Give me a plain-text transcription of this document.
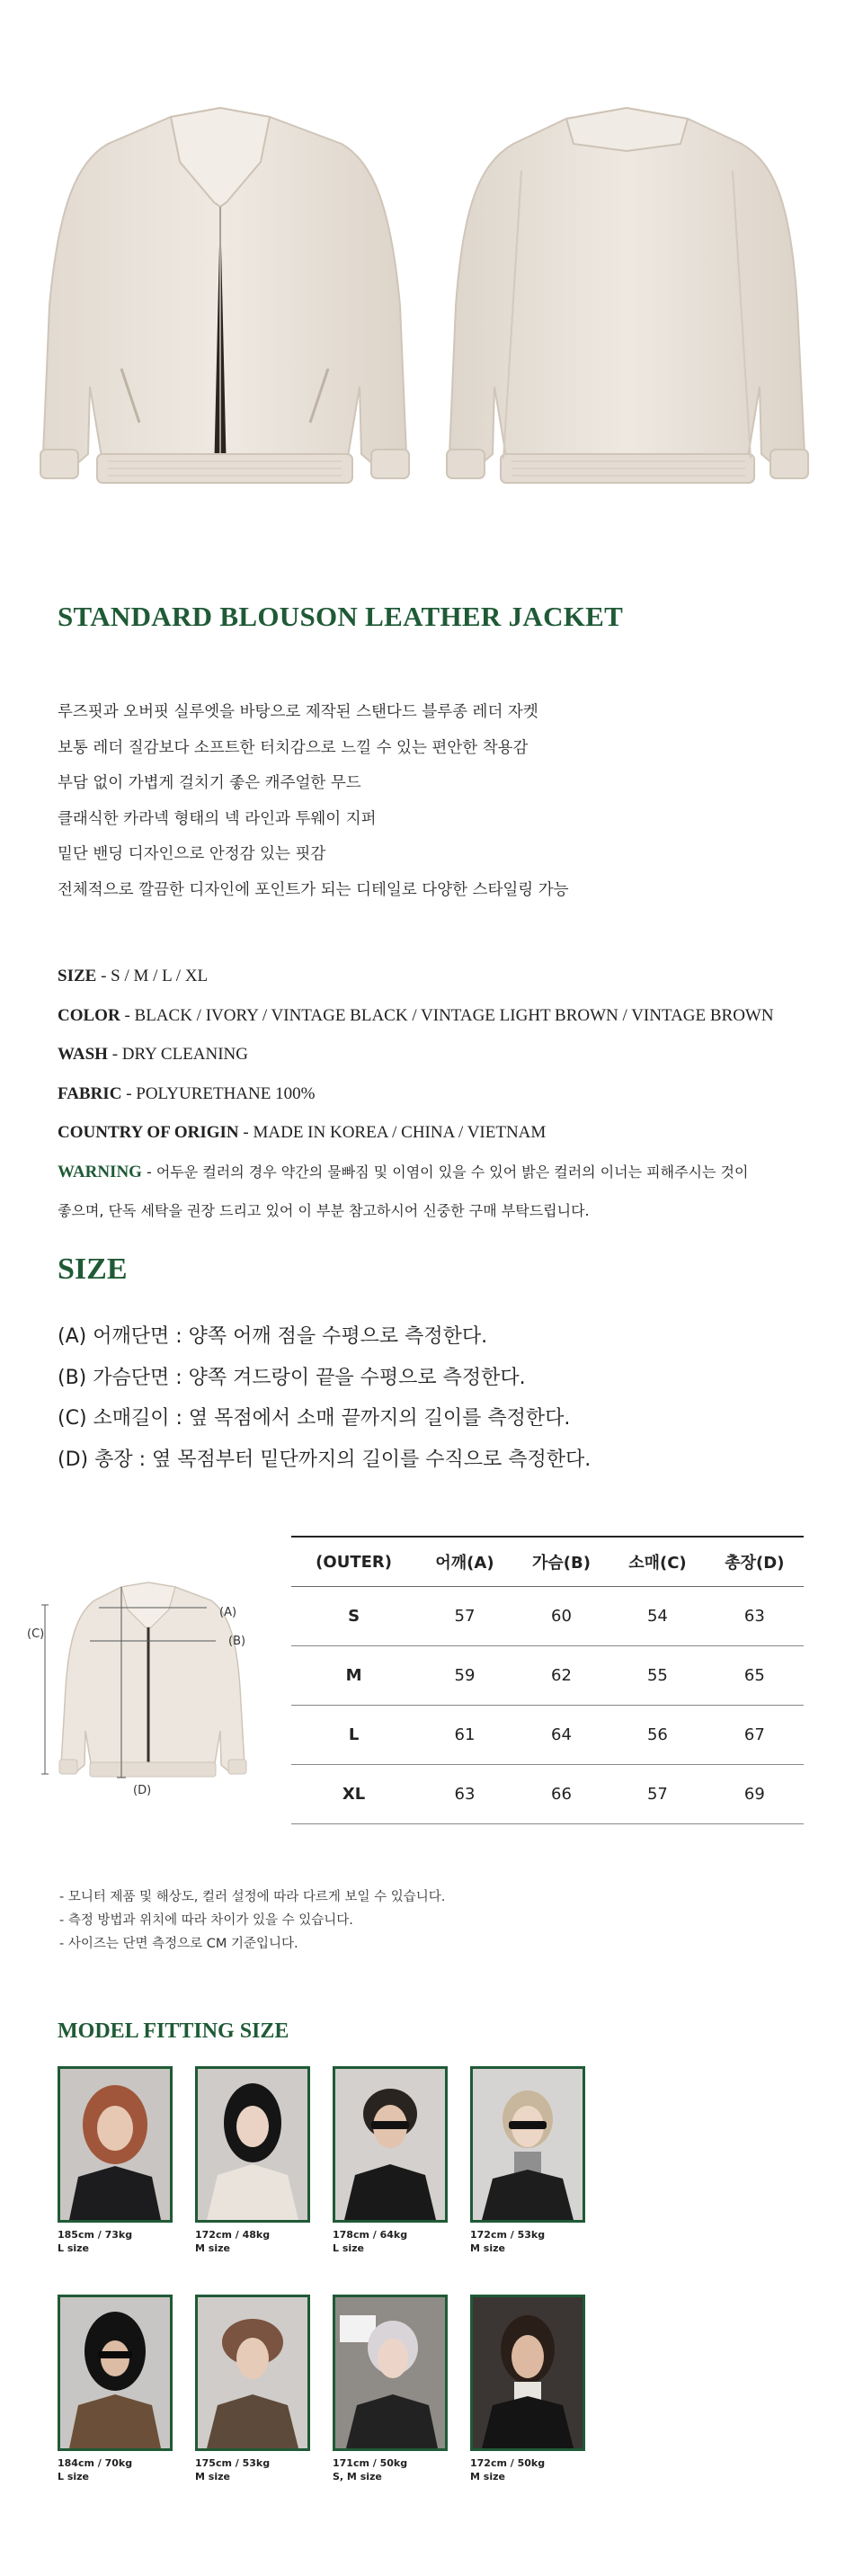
STANDARD BLOUSON LEATHER JACKET
루즈핏과 오버핏 실루엣을 바탕으로 제작된 스탠다드 블루종 레더 자켓
보통 레더 질감보다 소프트한 터치감으로 느낄 수 있는 편안한 착용감
부담 없이 가볍게 걸치기 좋은 캐주얼한 무드
클래식한 카라넥 형태의 넥 라인과 투웨이 지퍼
밑단 밴딩 디자인으로 안정감 있는 핏감
전체적으로 깔끔한 디자인에 포인트가 되는 디테일로 다양한 스타일링 가능
SIZE - S / M / L / XL
COLOR - BLACK / IVORY / VINTAGE BLACK / VINTAGE LIGHT BROWN / VINTAGE BROWN
WASH - DRY CLEANING
FABRIC - POLYURETHANE 100%
COUNTRY OF ORIGIN - MADE IN KOREA / CHINA / VIETNAM
WARNING - 어두운 컬러의 경우 약간의 물빠짐 및 이염이 있을 수 있어 밝은 컬러의 이너는 피해주시는 것이
좋으며, 단독 세탁을 권장 드리고 있어 이 부분 참고하시어 신중한 구매 부탁드립니다.
SIZE
(A) 어깨단면 : 양쪽 어깨 점을 수평으로 측정한다.
(B) 가슴단면 : 양쪽 겨드랑이 끝을 수평으로 측정한다.
(C) 소매길이 : 옆 목점에서 소매 끝까지의 길이를 측정한다.
(D) 총장 : 옆 목점부터 밑단까지의 길이를 수직으로 측정한다.
(A)
(B)
(C)
(D)
(OUTER)	어깨(A)	가슴(B)	소매(C)	총장(D)
S	57	60	54	63
M	59	62	55	65
L	61	64	56	67
XL	63	66	57	69
- 모니터 제품 및 해상도, 컬러 설정에 따라 다르게 보일 수 있습니다.
- 측정 방법과 위치에 따라 차이가 있을 수 있습니다.
- 사이즈는 단면 측정으로 CM 기준입니다.
MODEL FITTING SIZE
185cm / 73kg
L size
172cm / 48kg
M size
178cm / 64kg
L size
172cm / 53kg
M size
184cm / 70kg
L size
175cm / 53kg
M size
171cm / 50kg
S, M size
172cm / 50kg
M size
